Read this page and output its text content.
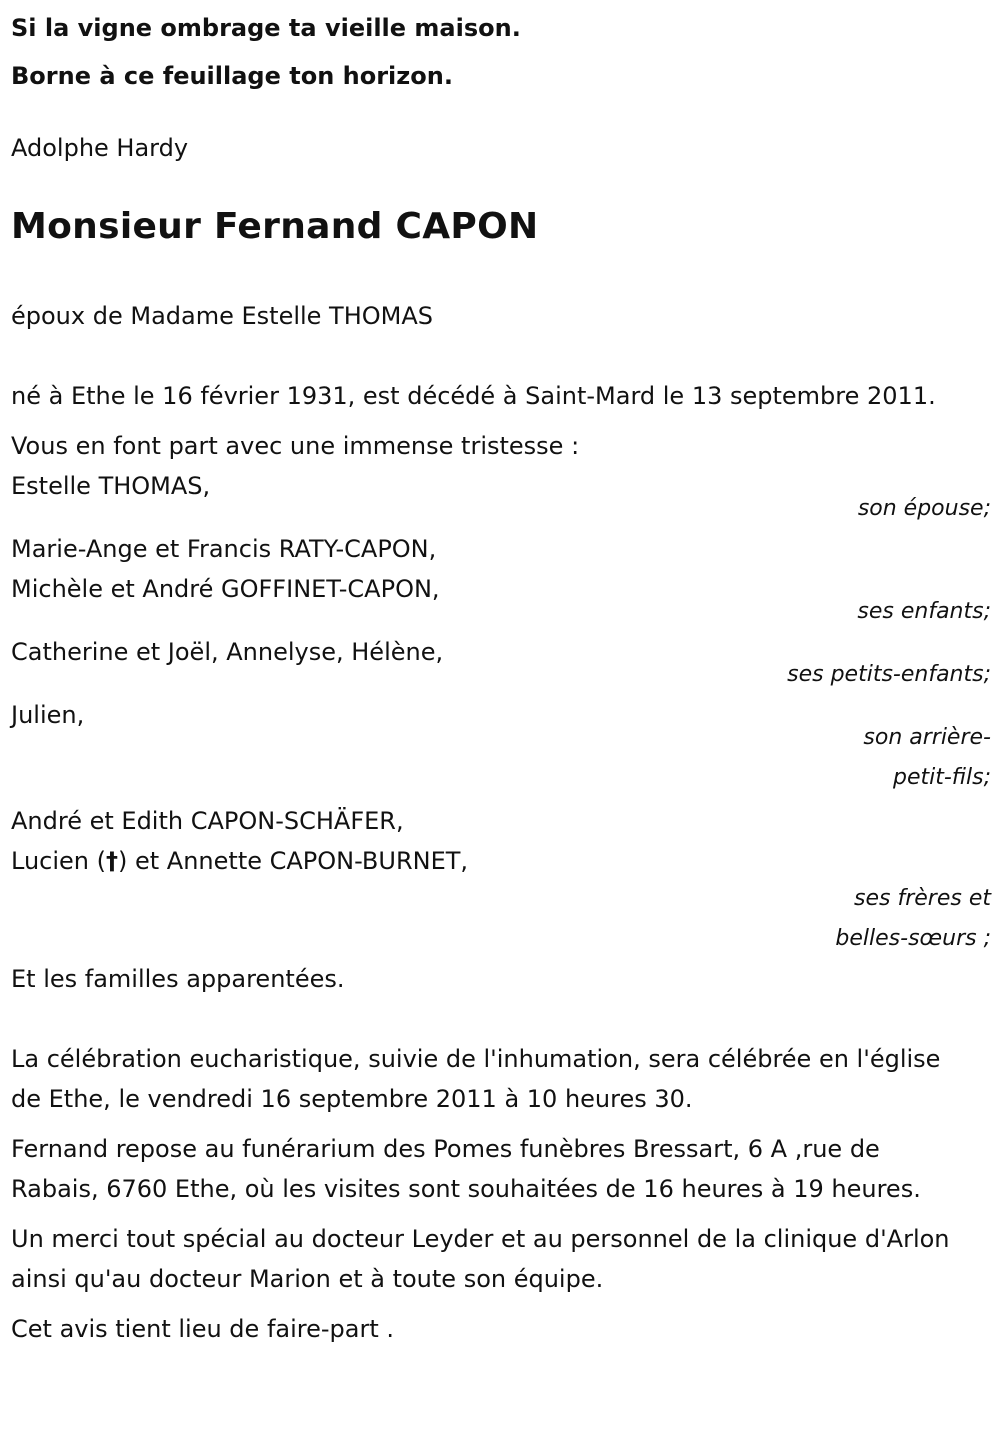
Si la vigne ombrage ta vieille maison.
Borne à ce feuillage ton horizon.
Adolphe Hardy
Monsieur Fernand CAPON
époux de Madame Estelle THOMAS
né à Ethe le 16 février 1931, est décédé à Saint-Mard le 13 septembre 2011.
Vous en font part avec une immense tristesse :
Estelle THOMAS,
son épouse;
Marie-Ange et Francis RATY-CAPON,
Michèle et André GOFFINET-CAPON,
ses enfants;
Catherine et Joël, Annelyse, Hélène,
ses petits-enfants;
Julien,
son arrière-petit-fils;
André et Edith CAPON-SCHÄFER,
Lucien (†) et Annette CAPON-BURNET,
ses frères et belles-sœurs ;
Et les familles apparentées.
La célébration eucharistique, suivie de l'inhumation, sera célébrée en l'église de Ethe, le vendredi 16 septembre 2011 à 10 heures 30.
Fernand repose au funérarium des Pomes funèbres Bressart, 6 A ,rue de Rabais, 6760 Ethe, où les visites sont souhaitées de 16 heures à 19 heures.
Un merci tout spécial au docteur Leyder et au personnel de la clinique d'Arlon ainsi qu'au docteur Marion et à toute son équipe.
Cet avis tient lieu de faire-part .
